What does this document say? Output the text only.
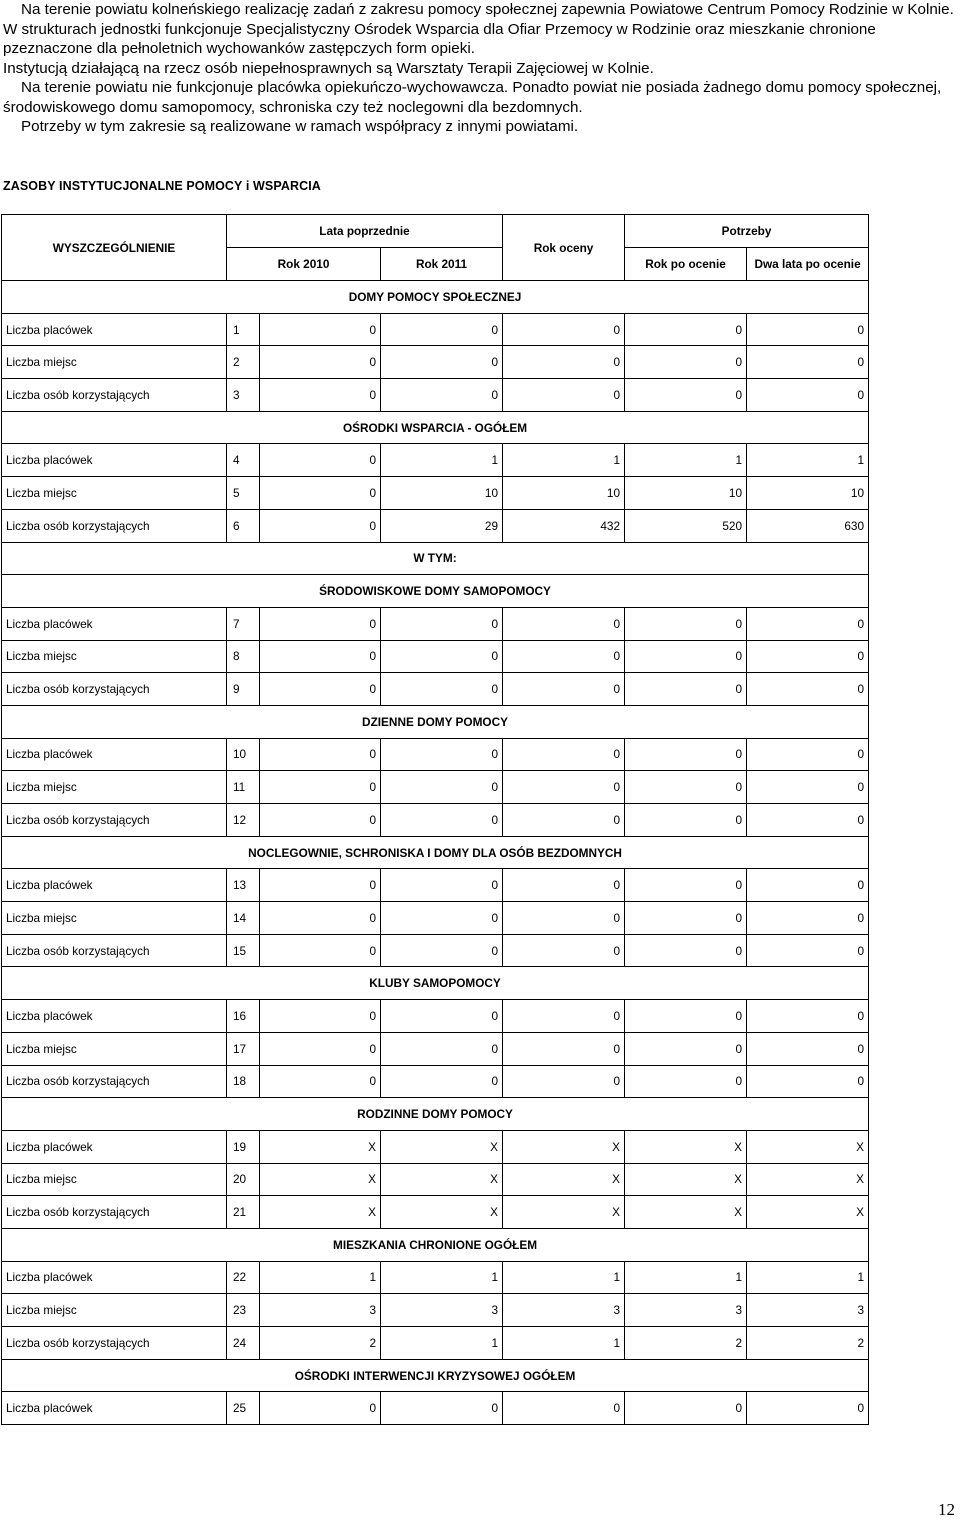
Na terenie powiatu kolneńskiego realizację zadań z zakresu pomocy społecznej zapewnia Powiatowe Centrum Pomocy Rodzinie w Kolnie. W strukturach jednostki funkcjonuje Specjalistyczny Ośrodek Wsparcia dla Ofiar Przemocy w Rodzinie oraz mieszkanie chronione pzeznaczone dla pełnoletnich wychowanków zastępczych form opieki.

Instytucją działającą na rzecz osób niepełnosprawnych są Warsztaty Terapii Zajęciowej w Kolnie.

Na terenie powiatu nie funkcjonuje placówka opiekuńczo-wychowawcza. Ponadto powiat nie posiada żadnego domu pomocy społecznej, środowiskowego domu samopomocy, schroniska czy też noclegowni dla bezdomnych.

Potrzeby w tym zakresie są realizowane w ramach współpracy z innymi powiatami.

ZASOBY INSTYTUCJONALNE POMOCY i WSPARCIA
WYSZCZEGÓLNIENIE	Lata poprzednie			Rok oceny	Potrzeby	
	Rok 2010		Rok 2011		Rok po ocenie	Dwa lata po ocenie
DOMY POMOCY SPOŁECZNEJ						
Liczba placówek	1	0	0	0	0	0
Liczba miejsc	2	0	0	0	0	0
Liczba osób korzystających	3	0	0	0	0	0
OŚRODKI WSPARCIA - OGÓŁEM						
Liczba placówek	4	0	1	1	1	1
Liczba miejsc	5	0	10	10	10	10
Liczba osób korzystających	6	0	29	432	520	630
W TYM:						
ŚRODOWISKOWE DOMY SAMOPOMOCY						
Liczba placówek	7	0	0	0	0	0
Liczba miejsc	8	0	0	0	0	0
Liczba osób korzystających	9	0	0	0	0	0
DZIENNE DOMY POMOCY						
Liczba placówek	10	0	0	0	0	0
Liczba miejsc	11	0	0	0	0	0
Liczba osób korzystających	12	0	0	0	0	0
NOCLEGOWNIE, SCHRONISKA I DOMY DLA OSÓB BEZDOMNYCH						
Liczba placówek	13	0	0	0	0	0
Liczba miejsc	14	0	0	0	0	0
Liczba osób korzystających	15	0	0	0	0	0
KLUBY SAMOPOMOCY						
Liczba placówek	16	0	0	0	0	0
Liczba miejsc	17	0	0	0	0	0
Liczba osób korzystających	18	0	0	0	0	0
RODZINNE DOMY POMOCY						
Liczba placówek	19	X	X	X	X	X
Liczba miejsc	20	X	X	X	X	X
Liczba osób korzystających	21	X	X	X	X	X
MIESZKANIA CHRONIONE OGÓŁEM						
Liczba placówek	22	1	1	1	1	1
Liczba miejsc	23	3	3	3	3	3
Liczba osób korzystających	24	2	1	1	2	2
OŚRODKI INTERWENCJI KRYZYSOWEJ OGÓŁEM						
Liczba placówek	25	0	0	0	0	0
12
